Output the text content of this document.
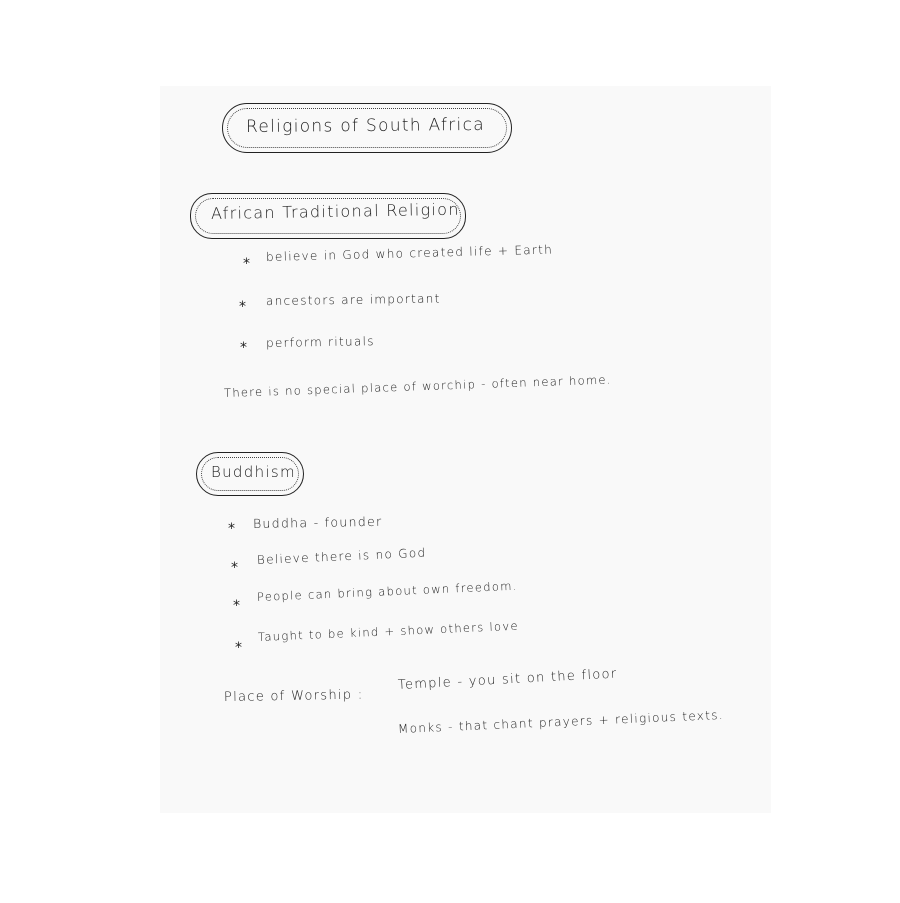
Religions of South Africa
African Traditional Religion
*
believe in God who created life + Earth
* ancestors are important
* perform rituals
There is no special place of worchip - often near home.
Buddhism
* Buddha - founder
*
Believe there is no God
*
People can bring about own freedom.
*
Taught to be kind + show others love
Place of Worship :
Temple - you sit on the floor
Monks - that chant prayers + religious texts.
